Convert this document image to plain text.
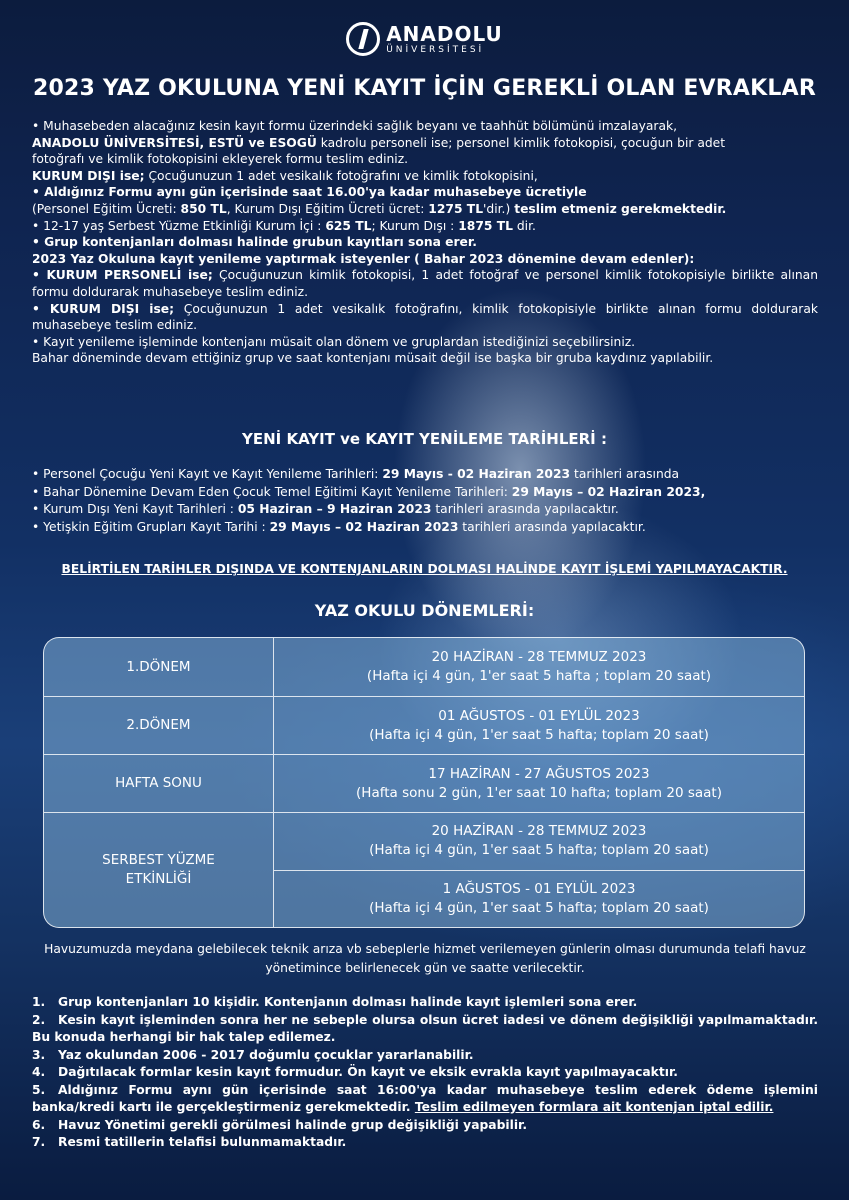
ANADOLU
ÜNİVERSİTESİ
2023 YAZ OKULUNA YENİ KAYIT İÇİN GEREKLİ OLAN EVRAKLAR

• Muhasebeden alacağınız kesin kayıt formu üzerindeki sağlık beyanı ve taahhüt bölümünü imzalayarak,

ANADOLU ÜNİVERSİTESİ, ESTÜ ve ESOGÜ kadrolu personeli ise; personel kimlik fotokopisi, çocuğun bir adet

fotoğrafı ve kimlik fotokopisini ekleyerek formu teslim ediniz.

KURUM DIŞI ise; Çocuğunuzun 1 adet vesikalık fotoğrafını ve kimlik fotokopisini,

• Aldığınız Formu aynı gün içerisinde saat 16.00'ya kadar muhasebeye ücretiyle

(Personel Eğitim Ücreti: 850 TL, Kurum Dışı Eğitim Ücreti ücret: 1275 TL'dir.) teslim etmeniz gerekmektedir.

• 12-17 yaş Serbest Yüzme Etkinliği Kurum İçi : 625 TL; Kurum Dışı : 1875 TL dir.

• Grup kontenjanları dolması halinde grubun kayıtları sona erer.

2023 Yaz Okuluna kayıt yenileme yaptırmak isteyenler ( Bahar 2023 dönemine devam edenler):

• KURUM PERSONELİ ise; Çocuğunuzun kimlik fotokopisi, 1 adet fotoğraf ve personel kimlik fotokopisiyle birlikte alınan formu doldurarak muhasebeye teslim ediniz.

• KURUM DIŞI ise; Çocuğunuzun 1 adet vesikalık fotoğrafını, kimlik fotokopisiyle birlikte alınan formu doldurarak muhasebeye teslim ediniz.

• Kayıt yenileme işleminde kontenjanı müsait olan dönem ve gruplardan istediğinizi seçebilirsiniz.

Bahar döneminde devam ettiğiniz grup ve saat kontenjanı müsait değil ise başka bir gruba kaydınız yapılabilir.

YENİ KAYIT ve KAYIT YENİLEME TARİHLERİ :

• Personel Çocuğu Yeni Kayıt ve Kayıt Yenileme Tarihleri: 29 Mayıs - 02 Haziran 2023 tarihleri arasında

• Bahar Dönemine Devam Eden Çocuk Temel Eğitimi Kayıt Yenileme Tarihleri: 29 Mayıs – 02 Haziran 2023,

• Kurum Dışı Yeni Kayıt Tarihleri : 05 Haziran – 9 Haziran 2023 tarihleri arasında yapılacaktır.

• Yetişkin Eğitim Grupları Kayıt Tarihi : 29 Mayıs – 02 Haziran 2023 tarihleri arasında yapılacaktır.

BELİRTİLEN TARİHLER DIŞINDA VE KONTENJANLARIN DOLMASI HALİNDE KAYIT İŞLEMİ YAPILMAYACAKTIR.
YAZ OKULU DÖNEMLERİ:
1.DÖNEM
20 HAZİRAN - 28 TEMMUZ 2023
(Hafta içi 4 gün, 1'er saat 5 hafta ; toplam 20 saat)
2.DÖNEM
01 AĞUSTOS - 01 EYLÜL 2023
(Hafta içi 4 gün, 1'er saat 5 hafta; toplam 20 saat)
HAFTA SONU
17 HAZİRAN - 27 AĞUSTOS 2023
(Hafta sonu 2 gün, 1'er saat 10 hafta; toplam 20 saat)
SERBEST YÜZME ETKİNLİĞİ
20 HAZİRAN - 28 TEMMUZ 2023
(Hafta içi 4 gün, 1'er saat 5 hafta; toplam 20 saat)
1 AĞUSTOS - 01 EYLÜL 2023
(Hafta içi 4 gün, 1'er saat 5 hafta; toplam 20 saat)
Havuzumuzda meydana gelebilecek teknik arıza vb sebeplerle hizmet verilemeyen günlerin olması durumunda telafi havuz yönetimince belirlenecek gün ve saatte verilecektir.

1. Grup kontenjanları 10 kişidir. Kontenjanın dolması halinde kayıt işlemleri sona erer.

2. Kesin kayıt işleminden sonra her ne sebeple olursa olsun ücret iadesi ve dönem değişikliği yapılmamaktadır. Bu konuda herhangi bir hak talep edilemez.

3. Yaz okulundan 2006 - 2017 doğumlu çocuklar yararlanabilir.

4. Dağıtılacak formlar kesin kayıt formudur. Ön kayıt ve eksik evrakla kayıt yapılmayacaktır.

5. Aldığınız Formu aynı gün içerisinde saat 16:00'ya kadar muhasebeye teslim ederek ödeme işlemini banka/kredi kartı ile gerçekleştirmeniz gerekmektedir. Teslim edilmeyen formlara ait kontenjan iptal edilir.

6. Havuz Yönetimi gerekli görülmesi halinde grup değişikliği yapabilir.

7. Resmi tatillerin telafisi bulunmamaktadır.
